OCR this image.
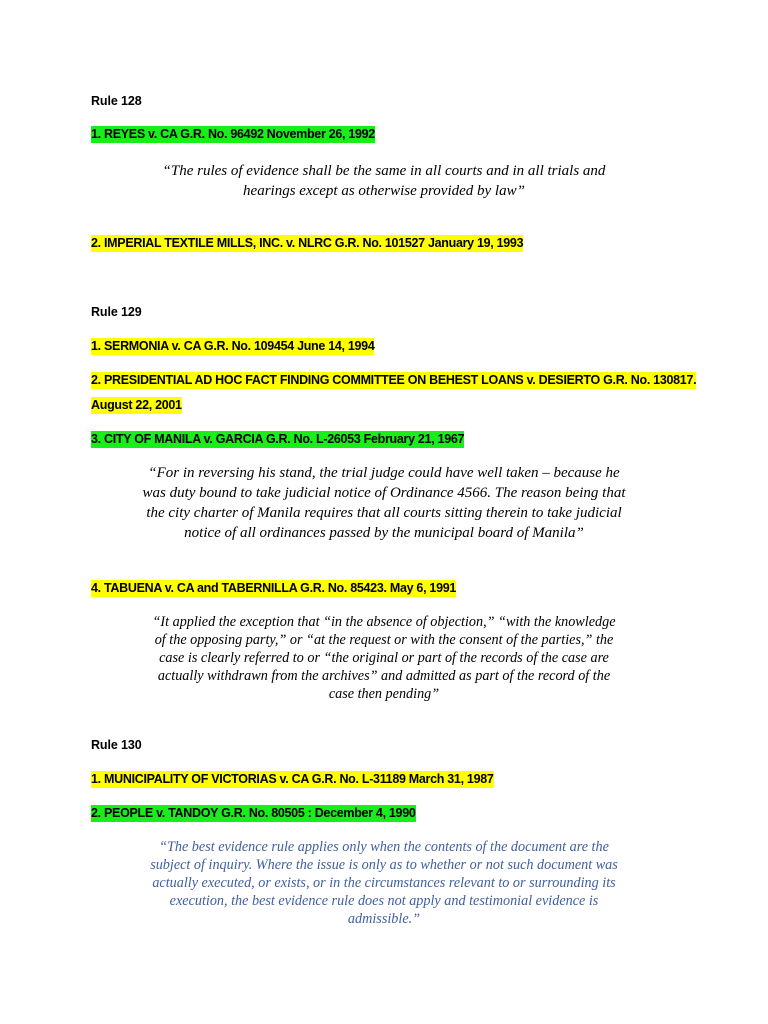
Rule 128
1. REYES v. CA G.R. No. 96492 November 26, 1992
“The rules of evidence shall be the same in all courts and in all trials and
hearings except as otherwise provided by law”
2. IMPERIAL TEXTILE MILLS, INC. v. NLRC G.R. No. 101527 January 19, 1993
Rule 129
1. SERMONIA v. CA G.R. No. 109454 June 14, 1994
2. PRESIDENTIAL AD HOC FACT FINDING COMMITTEE ON BEHEST LOANS v. DESIERTO G.R. No. 130817.
August 22, 2001
3. CITY OF MANILA v. GARCIA G.R. No. L-26053 February 21, 1967
“For in reversing his stand, the trial judge could have well taken – because he
was duty bound to take judicial notice of Ordinance 4566. The reason being that
the city charter of Manila requires that all courts sitting therein to take judicial
notice of all ordinances passed by the municipal board of Manila”
4. TABUENA v. CA and TABERNILLA G.R. No. 85423. May 6, 1991
“It applied the exception that “in the absence of objection,” “with the knowledge
of the opposing party,” or “at the request or with the consent of the parties,” the
case is clearly referred to or “the original or part of the records of the case are
actually withdrawn from the archives” and admitted as part of the record of the
case then pending”
Rule 130
1. MUNICIPALITY OF VICTORIAS v. CA G.R. No. L-31189 March 31, 1987
2. PEOPLE v. TANDOY G.R. No. 80505 : December 4, 1990
“The best evidence rule applies only when the contents of the document are the
subject of inquiry. Where the issue is only as to whether or not such document was
actually executed, or exists, or in the circumstances relevant to or surrounding its
execution, the best evidence rule does not apply and testimonial evidence is
admissible.”
